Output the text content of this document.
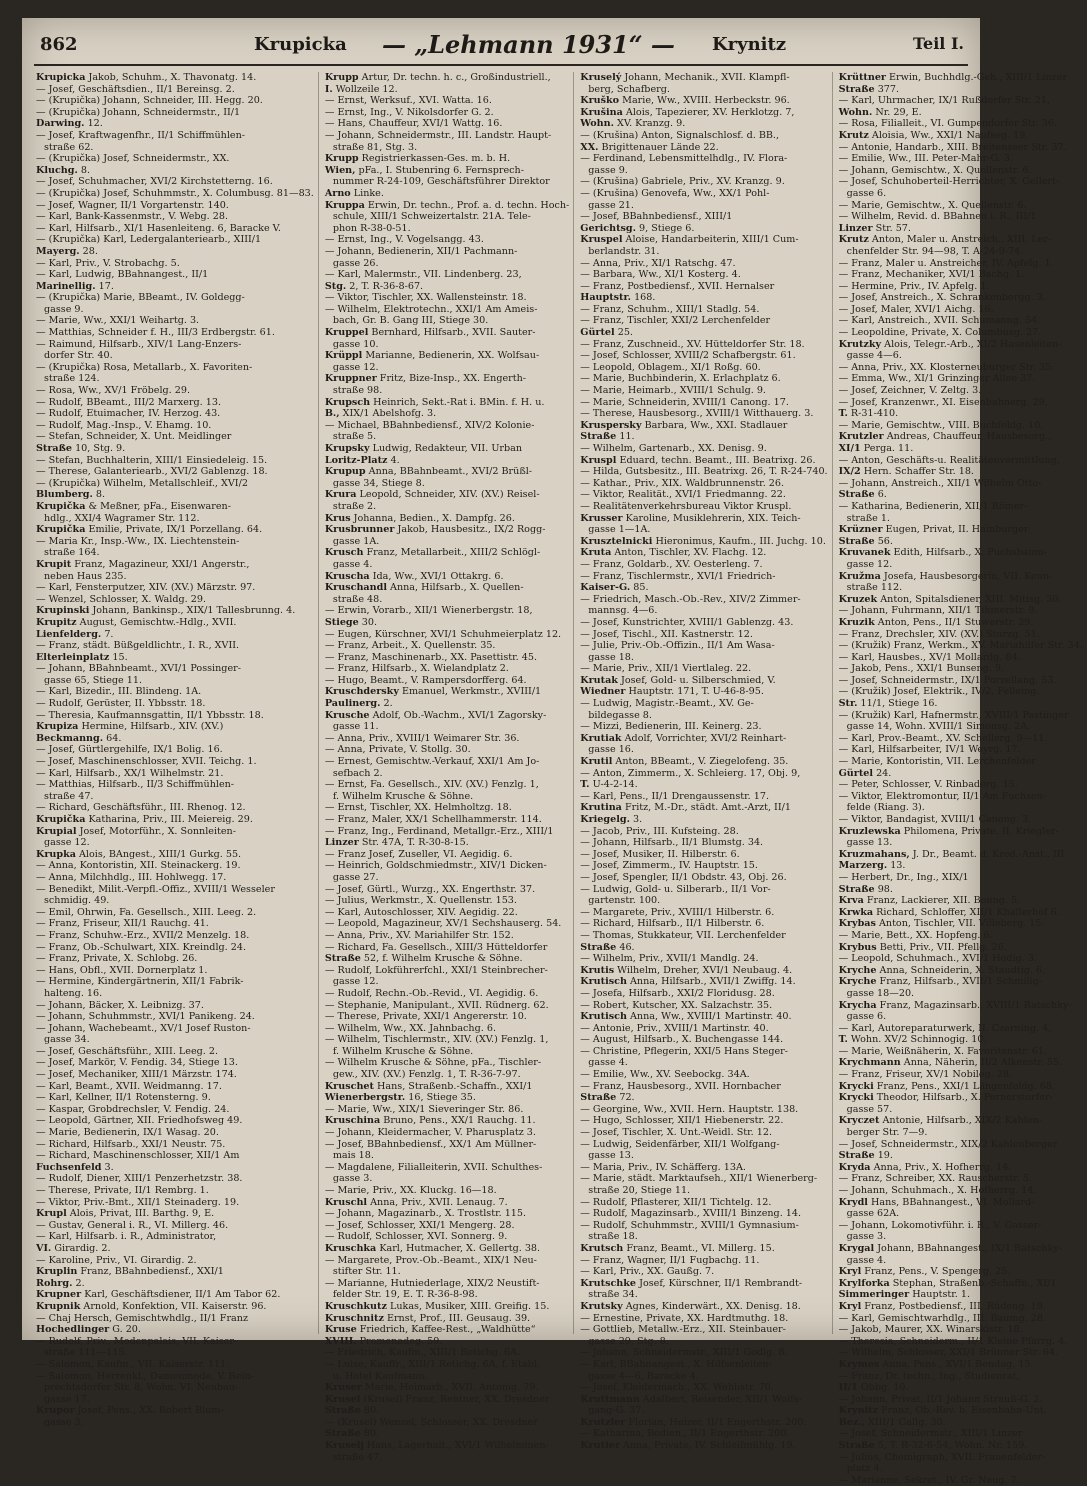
862	Krupicka — „Lehmann 1931“ — Krynitz	Teil I.
Krupicka Jakob, Schuhm., X. Thavonatg. 14.
— Josef, Geschäftsdien., II/1 Bereinsg. 2.
— (Krupička) Johann, Schneider, III. Hegg. 20.
— (Krupička) Johann, Schneidermstr., II/1
Darwing. 12.
— Josef, Kraftwagenfhr., II/1 Schiffmühlen-
straße 62.
— (Krupička) Josef, Schneidermstr., XX.
Kluchg. 8.
— Josef, Schuhmacher, XVI/2 Kirchstetterng. 16.
— (Krupička) Josef, Schuhmmstr., X. Columbusg. 81—83.
— Josef, Wagner, II/1 Vorgartenstr. 140.
— Karl, Bank-Kassenmstr., V. Webg. 28.
— Karl, Hilfsarb., XI/1 Hasenleiteng. 6, Baracke V.
— (Krupička) Karl, Ledergalanteriearb., XIII/1
Mayerg. 28.
— Karl, Priv., V. Strobachg. 5.
— Karl, Ludwig, BBahnangest., II/1
Marinellig. 17.
— (Krupička) Marie, BBeamt., IV. Goldegg-
gasse 9.
— Marie, Ww., XXI/1 Weihartg. 3.
— Matthias, Schneider f. H., III/3 Erdbergstr. 61.
— Raimund, Hilfsarb., XIV/1 Lang-Enzers-
dorfer Str. 40.
— (Krupička) Rosa, Metallarb., X. Favoriten-
straße 124.
— Rosa, Ww., XV/1 Fröbelg. 29.
— Rudolf, BBeamt., III/2 Marxerg. 13.
— Rudolf, Etuimacher, IV. Herzog. 43.
— Rudolf, Mag.-Insp., V. Ehamg. 10.
— Stefan, Schneider, X. Unt. Meidlinger
Straße 10, Stg. 9.
— Stefan, Buchhalterin, XIII/1 Einsiedeleig. 15.
— Therese, Galanteriearb., XVI/2 Gablenzg. 18.
— (Krupička) Wilhelm, Metallschleif., XVI/2
Blumberg. 8.
Krupička & Meßner, pFa., Eisenwaren-
hdlg., XXI/4 Wagramer Str. 112.
Krupička Emilie, Private, IX/1 Porzellang. 64.
— Maria Kr., Insp.-Ww., IX. Liechtenstein-
straße 164.
Krupit Franz, Magazineur, XXI/1 Angerstr.,
neben Haus 235.
— Karl, Fensterputzer, XIV. (XV.) Märzstr. 97.
— Wenzel, Schlosser, X. Waldg. 29.
Krupinski Johann, Bankinsp., XIX/1 Tallesbrunng. 4.
Krupitz August, Gemischtw.-Hdlg., XVII.
Lienfelderg. 7.
— Franz, städt. Büßgeldlichtr., I. R., XVII.
Elterleinplatz 15.
— Johann, BBahnbeamt., XVI/1 Possinger-
gasse 65, Stiege 11.
— Karl, Bizedir., III. Blindeng. 1A.
— Rudolf, Gerüster, II. Ybbsstr. 18.
— Theresia, Kaufmannsgattin, II/1 Ybbsstr. 18.
Krupiza Hermine, Hilfsarb., XIV. (XV.)
Beckmanng. 64.
— Josef, Gürtlergehilfe, IX/1 Bolig. 16.
— Josef, Maschinenschlosser, XVII. Teichg. 1.
— Karl, Hilfsarb., XX/1 Wilhelmstr. 21.
— Matthias, Hilfsarb., II/3 Schiffmühlen-
straße 47.
— Richard, Geschäftsführ., III. Rhenog. 12.
Krupička Katharina, Priv., III. Meiereig. 29.
Krupial Josef, Motorführ., X. Sonnleiten-
gasse 12.
Krupka Alois, BAngest., XIII/1 Gurkg. 55.
— Anna, Kontoristin, XII. Steinackerg. 19.
— Anna, Milchhdlg., III. Hohlwegg. 17.
— Benedikt, Milit.-Verpfl.-Offiz., XVIII/1 Wesseler
schmidig. 49.
— Emil, Ohrwin, Fa. Gesellsch., XIII. Leeg. 2.
— Franz, Friseur, XII/1 Rauchg. 41.
— Franz, Schuhw.-Erz., XVII/2 Menzelg. 18.
— Franz, Ob.-Schulwart, XIX. Kreindlg. 24.
— Franz, Private, X. Schlobg. 26.
— Hans, Obfl., XVII. Dornerplatz 1.
— Hermine, Kindergärtnerin, XII/1 Fabrik-
halteng. 16.
— Johann, Bäcker, X. Leibnizg. 37.
— Johann, Schuhmmstr., XVI/1 Panikeng. 24.
— Johann, Wachebeamt., XV/1 Josef Ruston-
gasse 34.
— Josef, Geschäftsführ., XIII. Leeg. 2.
— Josef, Markör, V. Fendig. 34, Stiege 13.
— Josef, Mechaniker, XIII/1 Märzstr. 174.
— Karl, Beamt., XVII. Weidmanng. 17.
— Karl, Kellner, II/1 Rotensterng. 9.
— Kaspar, Grobdrechsler, V. Fendig. 24.
— Leopold, Gärtner, XII. Friedhofsweg 49.
— Marie, Bedienerin, IX/1 Wasag. 20.
— Richard, Hilfsarb., XXI/1 Neustr. 75.
— Richard, Maschinenschlosser, XII/1 Am
Fuchsenfeld 3.
— Rudolf, Diener, XIII/1 Penzerhetzstr. 38.
— Therese, Private, II/1 Rembrg. 1.
— Viktor, Priv.-Bmt., XII/1 Steinaderg. 19.
Krupl Alois, Privat, III. Barthg. 9, E.
— Gustav, General i. R., VI. Millerg. 46.
— Karl, Hilfsarb. i. R., Administrator,
VI. Girardig. 2.
— Karoline, Priv., VI. Girardig. 2.
Kruplin Franz, BBahnbediensf., XXI/1
Rohrg. 2.
Krupner Karl, Geschäftsdiener, II/1 Am Tabor 62.
Krupnik Arnold, Konfektion, VII. Kaiserstr. 96.
— Chaj Hersch, Gemischtwhdlg., II/1 Franz
Hochedlinger G. 20.
— Rudolf, Priv., Modenpalais, VII. Kaiser-
straße 111—115.
— Salomon, Kaufm., VII. Kaiserstr. 111.
— Salomon, Herrenkl., Damenmode, V. Rein-
prechtsdorfer Str. 8, Wohn. VI. Neubau-
gasse 17.
Krupor Josef, Pens., XX. Robert Blum-
gasse 3.
Krupp Artur, Dr. techn. h. c., Großindustriell.,
I. Wollzeile 12.
— Ernst, Werksuf., XVI. Watta. 16.
— Ernst, Ing., V. Nikolsdorfer G. 2.
— Hans, Chauffeur, XVI/1 Wattg. 16.
— Johann, Schneidermstr., III. Landstr. Haupt-
straße 81, Stg. 3.
Krupp Registrierkassen-Ges. m. b. H.
Wien, pFa., I. Stubenring 6. Fernsprech-
nummer R-24-109, Geschäftsführer Direktor
Arno Linke.
Kruppa Erwin, Dr. techn., Prof. a. d. techn. Hoch-
schule, XIII/1 Schweizertalstr. 21A. Tele-
phon R-38-0-51.
— Ernst, Ing., V. Vogelsangg. 43.
— Johann, Bedienerin, XII/1 Pachmann-
gasse 26.
— Karl, Malermstr., VII. Lindenberg. 23,
Stg. 2, T. R-36-8-67.
— Viktor, Tischler, XX. Wallensteinstr. 18.
— Wilhelm, Elektrotechn., XXI/1 Am Ameis-
bach, Gr. B. Gang III, Stiege 30.
Kruppel Bernhard, Hilfsarb., XVII. Sauter-
gasse 10.
Krüppl Marianne, Bedienerin, XX. Wolfsau-
gasse 12.
Kruppner Fritz, Bize-Insp., XX. Engerth-
straße 98.
Krupsch Heinrich, Sekt.-Rat i. BMin. f. H. u.
B., XIX/1 Abelshofg. 3.
— Michael, BBahnbediensf., XIV/2 Kolonie-
straße 5.
Krupsky Ludwig, Redakteur, VII. Urban
Loritz-Platz 4.
Krupup Anna, BBahnbeamt., XVI/2 Brüßl-
gasse 34, Stiege 8.
Krura Leopold, Schneider, XIV. (XV.) Reisel-
straße 2.
Krus Johanna, Bedien., X. Dampfg. 26.
Krusbrunner Jakob, Hausbesitz., IX/2 Rogg-
gasse 1A.
Krusch Franz, Metallarbeit., XIII/2 Schlögl-
gasse 4.
Kruscha Ida, Ww., XVI/1 Ottakrg. 6.
Kruschandl Anna, Hilfsarb., X. Quellen-
straße 48.
— Erwin, Vorarb., XII/1 Wienerbergstr. 18,
Stiege 30.
— Eugen, Kürschner, XVI/1 Schuhmeierplatz 12.
— Franz, Arbeit., X. Quellenstr. 35.
— Franz, Maschinenarb., XX. Pasettistr. 45.
— Franz, Hilfsarb., X. Wielandplatz 2.
— Hugo, Beamt., V. Rampersdorfferg. 64.
Kruschdersky Emanuel, Werkmstr., XVIII/1
Paulinerg. 2.
Krusche Adolf, Ob.-Wachm., XVI/1 Zagorsky-
gasse 11.
— Anna, Priv., XVIII/1 Weimarer Str. 36.
— Anna, Private, V. Stollg. 30.
— Ernest, Gemischtw.-Verkauf, XXI/1 Am Jo-
sefbach 2.
— Ernst, Fa. Gesellsch., XIV. (XV.) Fenzlg. 1,
f. Wilhelm Krusche & Söhne.
— Ernst, Tischler, XX. Helmholtzg. 18.
— Franz, Maler, XX/1 Schellhammerstr. 114.
— Franz, Ing., Ferdinand, Metallgr.-Erz., XIII/1
Linzer Str. 47A, T. R-30-8-15.
— Franz Josef, Zuseller, VI. Aegidig. 6.
— Heinrich, Goldschmiedmstr., XIV/1 Dicken-
gasse 27.
— Josef, Gürtl., Wurzg., XX. Engerthstr. 37.
— Julius, Werkmstr., X. Quellenstr. 153.
— Karl, Autoschlosser, XIV. Aegidig. 22.
— Leopold, Magazineur, XV/1 Sechshauserg. 54.
— Anna, Priv., XV. Mariahilfer Str. 152.
— Richard, Fa. Gesellsch., XIII/3 Hütteldorfer
Straße 52, f. Wilhelm Krusche & Söhne.
— Rudolf, Lokführerfchl., XXI/1 Steinbrecher-
gasse 12.
— Rudolf, Rechn.-Ob.-Revid., VI. Aegidig. 6.
— Stephanie, Manipulant., XVII. Rüdnerg. 62.
— Therese, Private, XXI/1 Angererstr. 10.
— Wilhelm, Ww., XX. Jahnbachg. 6.
— Wilhelm, Tischlermstr., XIV. (XV.) Fenzlg. 1,
f. Wilhelm Krusche & Söhne.
— Wilhelm Krusche & Söhne, pFa., Tischler-
gew., XIV. (XV.) Fenzlg. 1, T. R-36-7-97.
Kruschet Hans, Straßenb.-Schaffn., XXI/1
Wienerbergstr. 16, Stiege 35.
— Marie, Ww., XIX/1 Sieveringer Str. 86.
Kruschina Bruno, Pens., XX/1 Rauchg. 11.
— Johann, Kleidermacher, V. Pharusplatz 3.
— Josef, BBahnbediensf., XX/1 Am Müllner-
mais 18.
— Magdalene, Filialleiterin, XVII. Schulthes-
gasse 3.
— Marie, Priv., XX. Kluckg. 16—18.
Kruschl Anna, Priv., XVII. Lenaug. 7.
— Johann, Magazinarb., X. Trostlstr. 115.
— Josef, Schlosser, XXI/1 Mengerg. 28.
— Rudolf, Schlosser, XVI. Sonnerg. 9.
Kruschka Karl, Hutmacher, X. Gellertg. 38.
— Margarete, Prov.-Ob.-Beamt., XIX/1 Neu-
stifter Str. 11.
— Marianne, Hutniederlage, XIX/2 Neustift-
felder Str. 19, E. T. R-36-8-98.
Kruschkutz Lukas, Musiker, XIII. Greifig. 15.
Kruschnitz Ernst, Prof., III. Geusaug. 39.
Kruse Friedrich, Kaffee-Rest., „Waldhütte“
XVIII. Promenadeg. 59.
— Friedrich, Kaufm., XIII/1 Retichg. 6A.
— Luise, Kauffr., XIII/1 Retichg. 6A, f. Etabl.
u. Hotel Kaufmann.
Kruser Marie, Heimarb., XVII. Antonig. 79.
Krusel (Krusel) Franz, Rentner, XX. Dresdner
Straße 80.
— (Krusel) Wenzel, Schlosser, XX. Dresdner
Straße 80.
Kruselj Hans, Lagerhalt., XVI/1 Wilhelminen-
straße 47.
Kruselý Johann, Mechanik., XVII. Klampfl-
berg, Schafberg.
Kruško Marie, Ww., XVIII. Herbeckstr. 96.
Krušina Alois, Tapezierer, XV. Herklotzg. 7,
Wohn. XV. Kranzg. 9.
— (Krušina) Anton, Signalschlosf. d. BB.,
XX. Brigittenauer Lände 22.
— Ferdinand, Lebensmittelhdlg., IV. Flora-
gasse 9.
— (Krušina) Gabriele, Priv., XV. Kranzg. 9.
— (Krušina) Genovefa, Ww., XX/1 Pohl-
gasse 21.
— Josef, BBahnbediensf., XIII/1
Gerichtsg. 9, Stiege 6.
Kruspel Aloise, Handarbeiterin, XIII/1 Cum-
berlandstr. 31.
— Anna, Priv., XI/1 Ratschg. 47.
— Barbara, Ww., XI/1 Kosterg. 4.
— Franz, Postbediensf., XVII. Hernalser
Hauptstr. 168.
— Franz, Schuhm., XIII/1 Stadlg. 54.
— Franz, Tischler, XXI/2 Lerchenfelder
Gürtel 25.
— Franz, Zuschneid., XV. Hütteldorfer Str. 18.
— Josef, Schlosser, XVIII/2 Schafbergstr. 61.
— Leopold, Oblagem., XI/1 Roßg. 60.
— Marie, Buchbinderin, X. Erlachplatz 6.
— Marie, Heimarb., XVIII/1 Schulg. 9.
— Marie, Schneiderin, XVIII/1 Canong. 17.
— Therese, Hausbesorg., XVIII/1 Witthauerg. 3.
Kruspersky Barbara, Ww., XXI. Stadlauer
Straße 11.
— Wilhelm, Gartenarb., XX. Denisg. 9.
Kruspl Eduard, techn. Beamt., III. Beatrixg. 26.
— Hilda, Gutsbesitz., III. Beatrixg. 26, T. R-24-740.
— Kathar., Priv., XIX. Waldbrunnenstr. 26.
— Viktor, Realität., XVI/1 Friedmanng. 22.
— Realitätenverkehrsbureau Viktor Kruspl.
Krusser Karoline, Musiklehrerin, XIX. Teich-
gasse 1—1A.
Krusztelnicki Hieronimus, Kaufm., III. Juchg. 10.
Kruta Anton, Tischler, XV. Flachg. 12.
— Franz, Goldarb., XV. Oesterleng. 7.
— Franz, Tischlermstr., XVI/1 Friedrich-
Kaiser-G. 85.
— Friedrich, Masch.-Ob.-Rev., XIV/2 Zimmer-
mannsg. 4—6.
— Josef, Kunstrichter, XVIII/1 Gablenzg. 43.
— Josef, Tischl., XII. Kastnerstr. 12.
— Julie, Priv.-Ob.-Offizin., II/1 Am Wasa-
gasse 18.
— Marie, Priv., XII/1 Viertlaleg. 22.
Krutak Josef, Gold- u. Silberschmied, V.
Wiedner Hauptstr. 171, T. U-46-8-95.
— Ludwig, Magistr.-Beamt., XV. Ge-
bildegasse 8.
— Mizzi, Bedienerin, III. Keinerg. 23.
Krutiak Adolf, Vorrichter, XVI/2 Reinhart-
gasse 16.
Krutil Anton, BBeamt., V. Ziegelofeng. 35.
— Anton, Zimmerm., X. Schleierg. 17, Obj. 9,
T. U-4-2-14.
— Karl, Pens., II/1 Drengaussenstr. 17.
Krutina Fritz, M.-Dr., städt. Amt.-Arzt, II/1
Kriegelg. 3.
— Jacob, Priv., III. Kufsteing. 28.
— Johann, Hilfsarb., II/1 Blumstg. 34.
— Josef, Musiker, II. Hilberstr. 6.
— Josef, Zimmerm., IV. Hauptstr. 15.
— Josef, Spengler, II/1 Obdstr. 43, Obj. 26.
— Ludwig, Gold- u. Silberarb., II/1 Vor-
gartenstr. 100.
— Margarete, Priv., XVIII/1 Hilberstr. 6.
— Richard, Hilfsarb., II/1 Hilberstr. 6.
— Thomas, Stukkateur, VII. Lerchenfelder
Straße 46.
— Wilhelm, Priv., XVII/1 Mandlg. 24.
Krutis Wilhelm, Dreher, XVI/1 Neubaug. 4.
Krutisch Anna, Hilfsarb., XVII/1 Zwiffg. 14.
— Josefa, Hilfsarb., XXI/2 Floridusg. 28.
— Robert, Kutscher, XX. Salzachstr. 35.
Krutisch Anna, Ww., XVIII/1 Martinstr. 40.
— Antonie, Priv., XVIII/1 Martinstr. 40.
— August, Hilfsarb., X. Buchengasse 144.
— Christine, Pflegerin, XXI/5 Hans Steger-
gasse 4.
— Emilie, Ww., XV. Seebockg. 34A.
— Franz, Hausbesorg., XVII. Hornbacher
Straße 72.
— Georgine, Ww., XVII. Hern. Hauptstr. 138.
— Hugo, Schlosser, XII/1 Hiebenerstr. 22.
— Josef, Tischler, X. Unt.-Weidl. Str. 12.
— Ludwig, Seidenfärber, XII/1 Wolfgang-
gasse 13.
— Maria, Priv., IV. Schäfferg. 13A.
— Marie, städt. Marktaufseh., XII/1 Wienerberg-
straße 20, Stiege 11.
— Rudolf, Pflasterer, XII/1 Tichtelg. 12.
— Rudolf, Magazinsarb., XVIII/1 Binzeng. 14.
— Rudolf, Schuhmmstr., XVIII/1 Gymnasium-
straße 18.
Krutsch Franz, Beamt., VI. Millerg. 15.
— Franz, Wagner, II/1 Fugbachg. 11.
— Karl, Priv., XX. Gaußg. 7.
Krutschke Josef, Kürschner, II/1 Rembrandt-
straße 34.
Krutsky Agnes, Kinderwärt., XX. Denisg. 18.
— Ernestine, Private, XX. Hardtmuthg. 18.
— Gottlieb, Metallw.-Erz., XII. Steinbauer-
gasse 29, Stg. 8.
— Johann, Schneidermstr., XIII/1 Godlg. 8.
— Karl, BBahnangest., X. Hilfsenleiten-
gasse 4—6, Baracke 4.
— Josef, Kleidermach., XX. Wehlistr. 70.
Kruttmann Adalbert, Reisender, XII/1 Wolfs-
gang-G. 37.
Krutzler Florian, Heizer, II/1 Engerthstr. 200.
— Katharina, Bedien., II/1 Engerthstr. 200.
Krutier Anna, Private, IV. Schleifmühlg. 19.
Krüttner Erwin, Buchhdlg.-Geh., XIII/1 Linzer
Straße 377.
— Karl, Uhrmacher, IX/1 Rußdorfer Str. 21,
Wohn. Nr. 29, E.
— Rosa, Filialleit., VI. Gumpendorfer Str. 36.
Krutz Aloisia, Ww., XXI/1 Naufseg. 19.
— Antonie, Handarb., XIII. Breitenseer Str. 37.
— Emilie, Ww., III. Peter-Mahr-G. 3.
— Johann, Gemischtw., X. Quellenstr. 6.
— Josef, Schuhoberteil-Herrichter, X. Gellert-
gasse 6.
— Marie, Gemischtw., X. Quellenstr. 6.
— Wilhelm, Revid. d. BBahnen i. R., III/1
Linzer Str. 57.
Krutz Anton, Maler u. Anstreich., XIII. Ler-
chenfelder Str. 94—98, T. A-24-9-74.
— Franz, Maler u. Anstreicher, IV. Apfelg. 1.
— Franz, Mechaniker, XVI/1 Bachg. 1.
— Hermine, Priv., IV. Apfelg. 1.
— Josef, Anstreich., X. Schrankenbergg. 3.
— Josef, Maler, XVI/1 Aichg. 16.
— Karl, Anstreich., XVII. Schumanng. 54.
— Leopoldine, Private, X. Columbusg. 27.
Krutzky Alois, Telegr.-Arb., XI/2 Hasenleiten-
gasse 4—6.
— Anna, Priv., XX. Klosterneuburger Str. 35.
— Emma, Ww., XI/1 Grinzinger Allee 37.
— Josef, Zeichner, V. Zeltg. 3.
— Josef, Kranzenwr., XI. Eisenbahnerg. 29,
T. R-31-410.
— Marie, Gemischtw., VIII. Buchfeldg. 10.
Krutzler Andreas, Chauffeur, Hausbesorg.,
XI/1 Perga. 11.
— Anton, Geschäfts-u. Realitätenvermittlung,
IX/2 Hern. Schaffer Str. 18.
— Johann, Anstreich., XII/1 Wilhelm Otto-
Straße 6.
— Katharina, Bedienerin, XII/1 Römer-
straße 1.
Krüzner Eugen, Privat, II. Hainburger
Straße 56.
Kruvanek Edith, Hilfsarb., X. Puchsbaum-
gasse 12.
Kružma Josefa, Hausbesorgerin, VII. Kenn-
straße 112.
Kruzek Anton, Spitalsdiener, XIII. Mitisg. 30.
— Johann, Fuhrmann, XII/1 Tihmerstr. 9.
Kruzik Anton, Pens., II/1 Stuwerstr. 29.
— Franz, Drechsler, XIV. (XV.) Sturzg. 51.
— (Kružik) Franz, Werkm., XV. Mariahilfer Str. 34.
— Karl, Hausbes., XV/1 Mollardg. 84.
— Jakob, Pens., XXI/1 Bunseng. 9.
— Josef, Schneidermstr., IX/1 Porzellang. 53.
— (Kružik) Josef, Elektrik., IV/2, Felleing.
Str. 11/1, Stiege 16.
— (Kružik) Karl, Hafnermstr., XVIII/1 Pastinger
gasse 14, Wohn. XVIII/1 Simonsg. 2A.
— Karl, Prov.-Beamt., XV. Schellerg. 9—11.
— Karl, Hilfsarbeiter, IV/1 Weyrg. 17.
— Marie, Kontoristin, VII. Lerchenfelder
Gürtel 24.
— Peter, Schlosser, V. Rinbaderg. 15.
— Viktor, Elektromontur, II/1 Am Fuchsen-
felde (Riang. 3).
— Viktor, Bandagist, XVIII/1 Canong. 3.
Kruzlewska Philomena, Private, II. Kriegler-
gasse 13.
Kruzmahans, J. Dr., Beamt. d. Kred.-Anst., III
Marzerg. 13.
— Herbert, Dr., Ing., XIX/1
Straße 98.
Krva Franz, Lackierer, XII. Bonng. 5.
Krwka Richard, Schloffer, XII/1 Khallerhof 6.
Krybas Anton, Tischler, VII. Villeberg. 15.
— Marie, Bett., XX. Hopfeng. 6.
Krybus Betti, Priv., VII. Pfellg. 26.
— Leopold, Schuhmach., XVI/1 Hodig. 3.
Kryche Anna, Schneiderin, X. Staudtig. 6.
Kryche Franz, Hilfsarb., XVII/1 Schmilig-
gasse 18—20.
Krycha Franz, Magazinsarb., XVIII/1 Ratschky-
gasse 6.
— Karl, Autoreparaturwerk, II. Czerning. 4,
T. Wohn. XV/2 Schinnogig. 10.
— Marie, Weißnäherin, X. Favoritenstr. 61.
Krychmann Anna, Näherin, II/2 Alkenstr. 55.
— Franz, Friseur, XV/1 Nobileg. 28.
Krycki Franz, Pens., XXI/1 Längenfeldg. 68.
Krycki Theodor, Hilfsarb., X. Pernerstorfer-
gasse 57.
Kryczet Antonie, Hilfsarb., XIX/2 Kahlen-
berger Str. 7—9.
— Josef, Schneidermstr., XIX/2 Kahlenberger
Straße 19.
Kryda Anna, Priv., X. Hofherrg. 14.
— Franz, Schreiber, XX. Rauscherstr. 5.
— Johann, Schuhmach., X. Hofherrg. 14.
Krydl Hans, BBahnangest., VI. Mollard-
gasse 62A.
— Johann, Lokomotivführ. i. R., V. Gasser-
gasse 3.
Krygal Johann, BBahnangest., IX/1 Ratschky-
gasse 4.
Kryl Franz, Pens., V. Spengerg. 25.
Krylforka Stephan, Straßenb.-Schaffn., XI/1
Simmeringer Hauptstr. 1.
Kryl Franz, Postbediensf., III. Rüdeng. 19.
— Karl, Gemischtwarhdlg., III. Baumg. 28.
— Jakob, Maurer, XX. Winarskistr. 18.
— Theresia, Schneiderm., II/1 Kleine Pfarrg. 4.
— Wilhelm, Schlosser, XXI/1 Brünner Str. 64.
Krymes Anna, Pens., XVI/1 Bendag. 15.
— Franz, Dr. techn., Ing., Studienrat,
II/1 Obbg. 10.
— Johann, Privat, II/1 Johann Strauß-G. 2.
Krynitz Franz, Ob.-Rev. b. Eisenbahn-Unt.
Bez., XIII/1 Gallg. 30.
— Josef, Schneidermstr., XIII/1 Linzer
Straße 5, T. R-32-6-54, Wohn. Nr. 159.
— Julius, Chemigraph, XVII. Frauenfelder-
platz 4.
— Marianne, Sekret., IV. Gr. Neug. 7.
